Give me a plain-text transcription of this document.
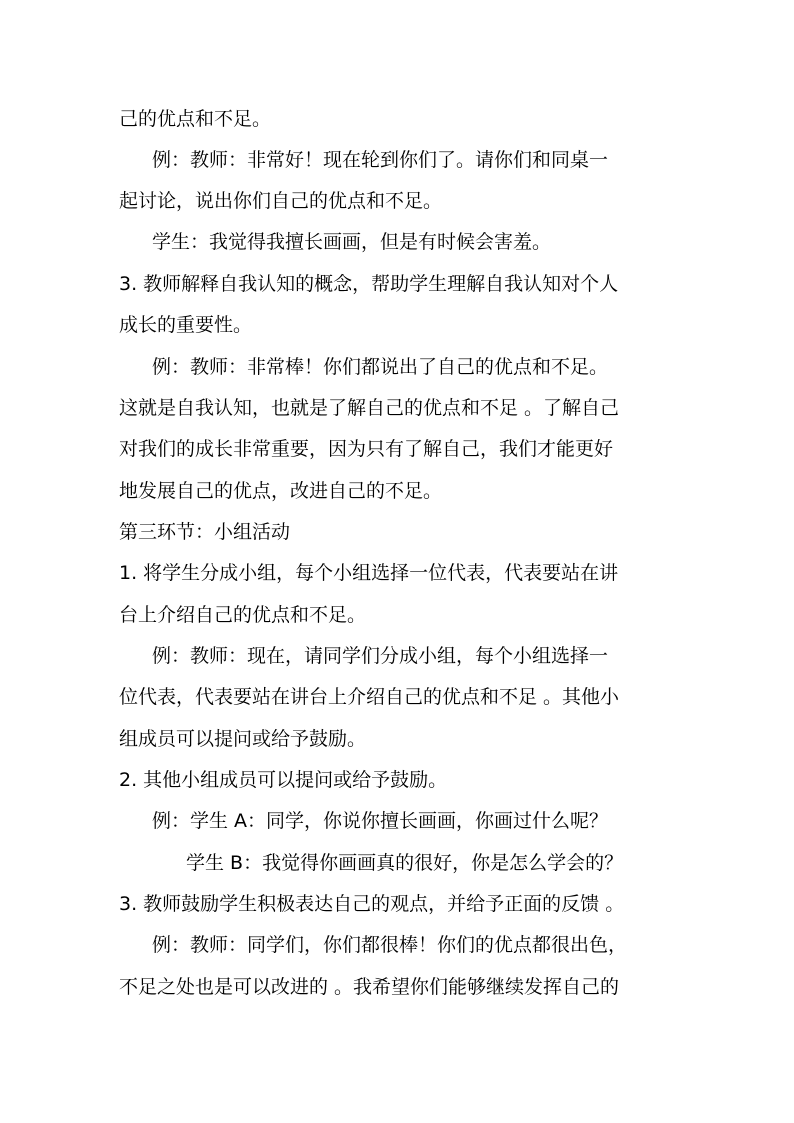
己的优点和不足。
例：教师：非常好！现在轮到你们了。请你们和同桌一
起讨论，说出你们自己的优点和不足。
学生：我觉得我擅长画画，但是有时候会害羞。
3. 教师解释自我认知的概念，帮助学生理解自我认知对个人
成长的重要性。
例：教师：非常棒！你们都说出了自己的优点和不足。
这就是自我认知，也就是了解自己的优点和不足 。了解自己
对我们的成长非常重要，因为只有了解自己，我们才能更好
地发展自己的优点，改进自己的不足。
第三环节：小组活动
1. 将学生分成小组，每个小组选择一位代表，代表要站在讲
台上介绍自己的优点和不足。
例：教师：现在，请同学们分成小组，每个小组选择一
位代表，代表要站在讲台上介绍自己的优点和不足 。其他小
组成员可以提问或给予鼓励。
2. 其他小组成员可以提问或给予鼓励。
例：学生 A：同学，你说你擅长画画，你画过什么呢？
学生 B：我觉得你画画真的很好，你是怎么学会的？
3. 教师鼓励学生积极表达自己的观点，并给予正面的反馈 。
例：教师：同学们，你们都很棒！你们的优点都很出色，
不足之处也是可以改进的 。我希望你们能够继续发挥自己的
